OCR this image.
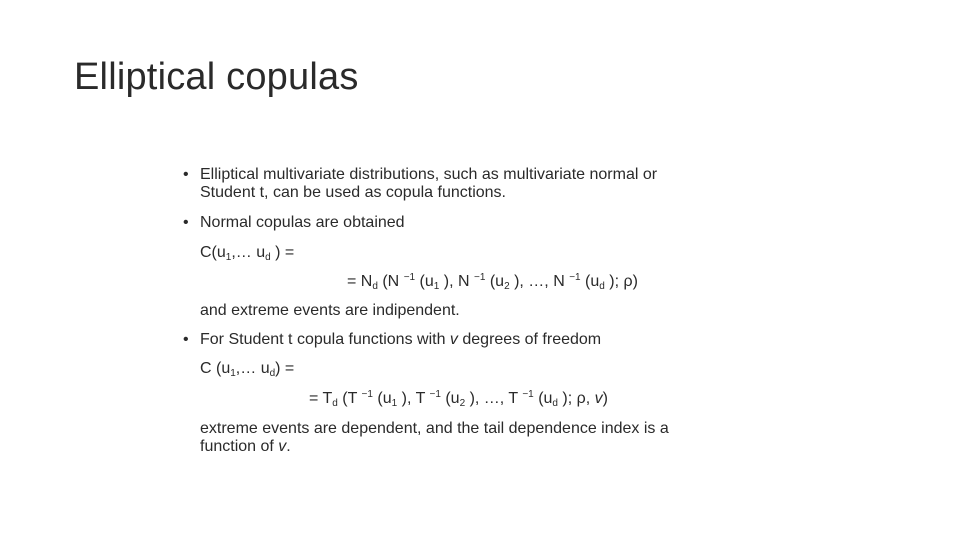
Elliptical copulas
• Elliptical multivariate distributions, such as multivariate normal or
Student t, can be used as copula functions.
• Normal copulas are obtained
$C(u_1,\dots$ $u_d$ ) =
= $N_d$ (N $^{-1}$ ($u_1$ ), N $^{-1}$ ($u_2$ ), …, N $^{-1}$ ($u_d$ ); ρ)
and extreme events are indipendent.
• For Student t copula functions with v degrees of freedom
C ($u_1,\dots$ $u_d$) =
= $T_d$ (T $^{-1}$ ($u_1$ ), T $^{-1}$ ($u_2$ ), …, T $^{-1}$ ($u_d$ ); ρ, v)
extreme events are dependent, and the tail dependence index is a
function of v.
